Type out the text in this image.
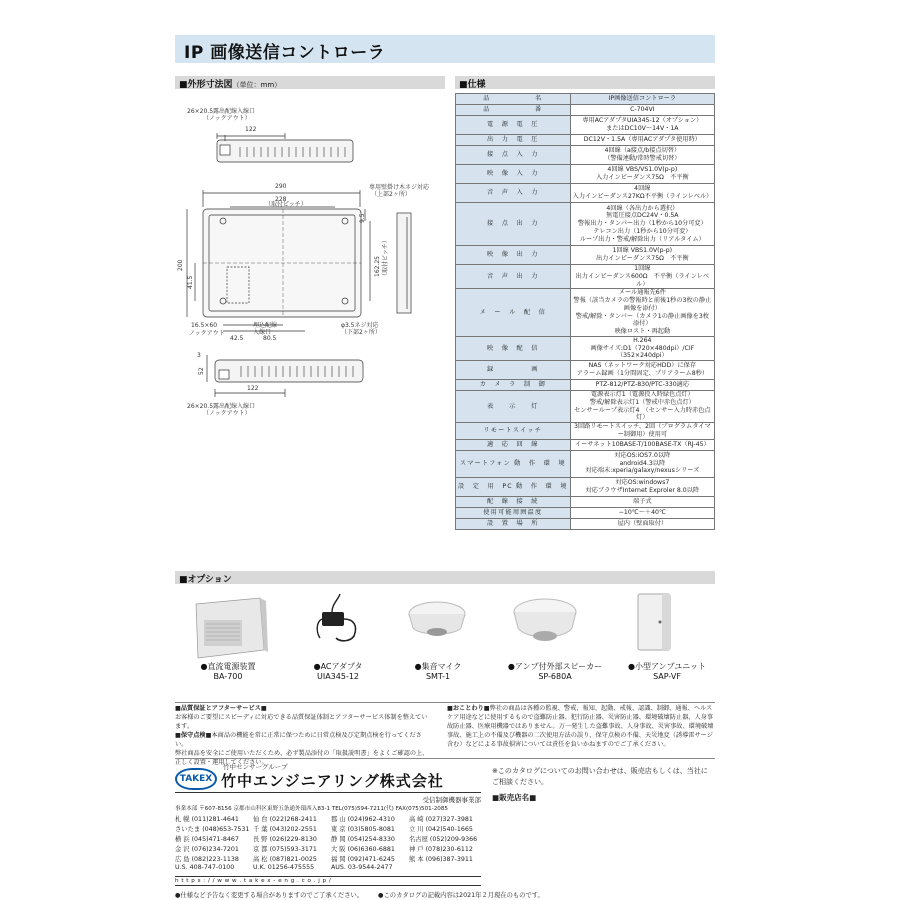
IP 画像送信コントローラ
■外形寸法図（単位：mm）	■仕様
26×20.5露出配線入線口
（ノックアウト）
122
290
228
（取付ピッチ）
専用壁掛け木ネジ対応
（上部2ヶ所）
200
41.5
9.5
162.25 （取付ピッチ）
16.5×60
ノックアウト
埋込配線
入線口
42.5	80.5
φ3.5ネジ対応
（下部2ヶ所）
3
52
122
26×20.5露出配線入線口
（ノックアウト）
品　　　　　　名	IP画像送信コントローラ
品　　　　　　番	C-704VI
電　源　電　圧	専用ACアダプタUIA345-12（オプション）
またはDC10V〜14V・1A
出　力　電　圧	DC12V・1.5A（専用ACアダプタ使用時）
接　点　入　力	4回線（a接点/b接点切替）
（警備連動/常時警戒切替）
映　像　入　力	4回線 VBS/VS1.0V(p-p)
入力インピーダンス75Ω　不平衡
音　声　入　力	4回線
入力インピーダンス27KΩ不平衡（ラインレベル）
接　点　出　力	4回線（各出力から選択）
無電圧接点DC24V・0.5A
警報出力・タンパー出力（1秒から10分可変）
テレコン出力（1秒から10分可変）
ループ出力・警戒/解除出力（リアルタイム）
映　像　出　力	1回線 VBS1.0V(p-p)
出力インピーダンス75Ω　不平衡
音　声　出　力	1回線
出力インピーダンス600Ω　不平衡（ラインレベル）
メ　ー　ル　配　信	メール通報先6件
警報（該当カメラの警報時と前後1秒の3枚の静止画像を添付）
警戒/解除・タンパー（カメラ1の静止画像を3枚添付）
映像ロスト・再起動
映　像　配　信	H.264
画像サイズ:D1（720×480dpi）/CIF（352×240dpi）
録　　　　　画	NAS（ネットワーク対応HDD）に保存
アラーム録画（1分間固定、プリアラーム8秒）
カ　メ　ラ　制　御	PTZ-812/PTZ-830/PTC-330適応
表　　示　　灯	電源表示灯1（電源投入時緑色点灯）
警戒/解除表示灯1（警戒中赤色点灯）
センサーループ表示灯4　（センサー入力時赤色点灯）
リモートスイッチ	3回路リモートスイッチ、2回（プログラムタイマー制御用）使用可
適　応　回　線	イーサネット10BASE-T/100BASE-TX（RJ-45）
スマートフォン 動　作　環　境	対応OS:iOS7.0以降
android4.3以降
対応端末:xperia/galaxy/nexusシリーズ
設　定　用　PC 動　作　環　境	対応OS:windows7
対応ブラウザInternet Exproler 8.0以降
配　線　接　続	端子式
使用可能周囲温度	−10℃〜＋40℃
設　置　場　所	屋内（壁面取付）
■オプション
●直流電源装置
BA-700
●ACアダプタ
UIA345-12
●集音マイク
SMT-1
●アンプ付外部スピーカー
SP-680A
●小型アンプユニット
SAP-VF
■品質保証とアフターサービス■
お客様のご要望にスピーディに対応できる品質保証体制とアフターサービス体制を整えています。
■保守点検■本商品の機能を常に正常に保つために日常点検及び定期点検を行ってください。
弊社商品を安全にご使用いただくため、必ず製品添付の「取扱説明書」をよくご確認の上、正しく設置・運用してください。
■おことわり■弊社の商品は各種の監視、警戒、報知、起動、戒報、認識、制御、通報、ヘルスケア用途などに使用するもので盗難防止器、犯行防止器、災害防止器、環境破壊防止器、人身事故防止器、医療用機器ではありません。万一発生した盗難事故、人身事故、災害事故、環境破壊事故、施工上の不備及び機器の二次使用方法の誤り、保守点検の不備、天災地変（誘導雷サージ含む）などによる事故損害については責任を負いかねますのでご了承ください。
TAKEX
竹中センサーグループ
竹中エンジニアリング株式会社
受信制御機器事業部
事業本部 〒607-8156 京都市山科区東野五条通外環西入83-1 TEL(075)594-7211(代) FAX(075)501-2085
札 幌 (011)281-4641 仙 台 (022)268-2411 郡 山 (024)962-4310 高 崎 (027)327-3981
さいたま (048)653-7531 千 葉 (043)202-2551 東 京 (03)5805-8081 立 川 (042)540-1665
横 浜 (045)471-8467 長 野 (026)229-8130 静 岡 (054)254-8330 名古屋 (052)209-9366
金 沢 (076)234-7201 京 都 (075)593-3171 大 阪 (06)6360-6881 神 戸 (078)230-6112
広 島 (082)223-1138 高 松 (087)821-0025 福 岡 (092)471-6245 熊 本 (096)387-3911
U.S. 408-747-0100	U.K. 01256-475555	AUS. 03-9544-2477
h t t p s : / / w w w . t a k e x - e n g . c o . j p /
※このカタログについてのお問い合わせは、販売店もしくは、当社にご相談ください。
■販売店名■
●仕様など予告なく変更する場合がありますのでご了承ください。 ●このカタログの記載内容は2021年２月現在のものです。
